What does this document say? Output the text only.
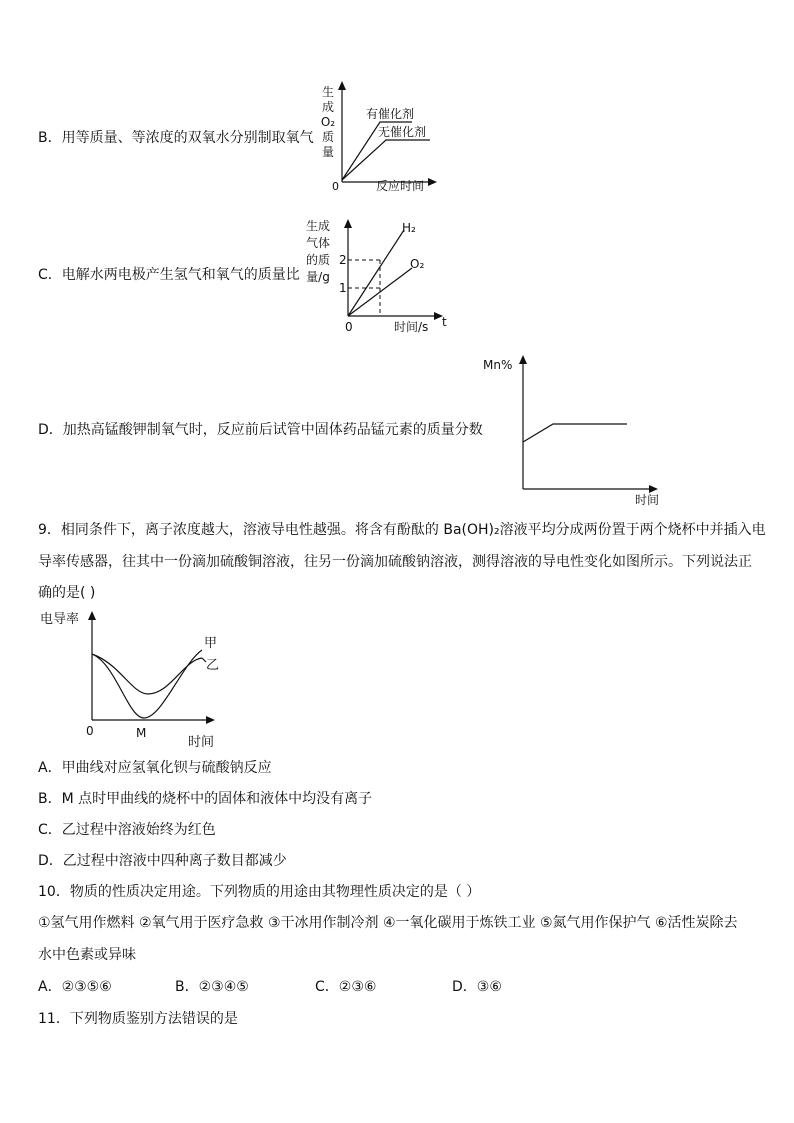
B．用等质量、等浓度的双氧水分别制取氧气
生
成
O₂
质
量
0	反应时间
有催化剂
无催化剂
C．电解水两电极产生氢气和氧气的质量比
生成
气体
的质
量/g
2
1
0	时间/s t
H₂
O₂
D．加热高锰酸钾制氧气时，反应前后试管中固体药品锰元素的质量分数
Mn%
时间
9．相同条件下，离子浓度越大，溶液导电性越强。将含有酚酞的 Ba(OH)₂溶液平均分成两份置于两个烧杯中并插入电
导率传感器，往其中一份滴加硫酸铜溶液，往另一份滴加硫酸钠溶液，测得溶液的导电性变化如图所示。下列说法正
确的是( )
电导率
0	M
时间
甲
乙
A．甲曲线对应氢氧化钡与硫酸钠反应
B．M 点时甲曲线的烧杯中的固体和液体中均没有离子
C．乙过程中溶液始终为红色
D．乙过程中溶液中四种离子数目都减少
10．物质的性质决定用途。下列物质的用途由其物理性质决定的是（ ）
①氢气用作燃料 ②氧气用于医疗急救 ③干冰用作制冷剂 ④一氧化碳用于炼铁工业 ⑤氮气用作保护气 ⑥活性炭除去
水中色素或异味
A．②③⑤⑥	B．②③④⑤	C．②③⑥	D．③⑥
11．下列物质鉴别方法错误的是
